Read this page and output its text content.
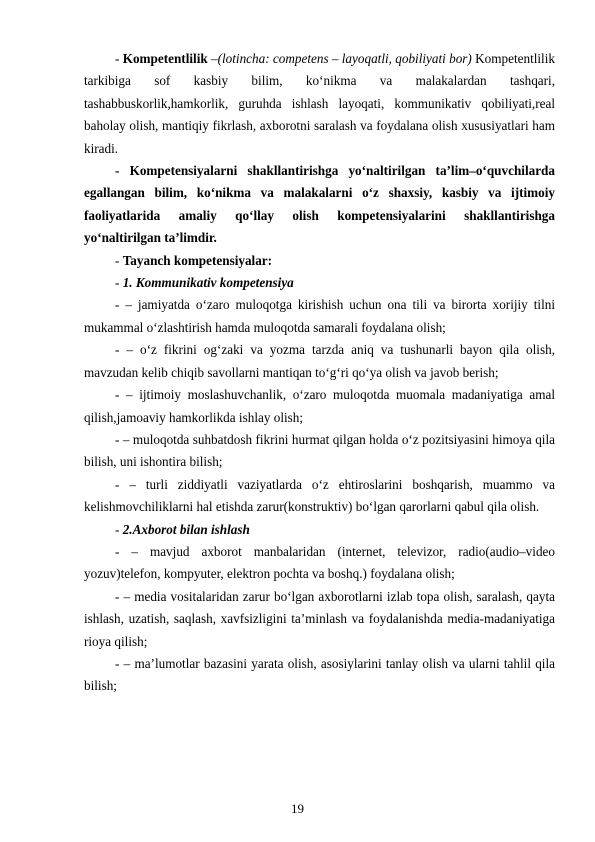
- Kompetentlilik –(lotincha: competens – layoqatli, qobiliyati bor) Kompetentlilik tarkibiga sof kasbiy bilim, ko‘nikma va malakalardan tashqari, tashabbuskorlik,hamkorlik, guruhda ishlash layoqati, kommunikativ qobiliyati,real baholay olish, mantiqiy fikrlash, axborotni saralash va foydalana olish xususiyatlari ham kiradi.

- Kompetensiyalarni shakllantirishga yo‘naltirilgan ta’lim–o‘quvchilarda egallangan bilim, ko‘nikma va malakalarni o‘z shaxsiy, kasbiy va ijtimoiy faoliyatlarida amaliy qo‘llay olish kompetensiyalarini shakllantirishga yo‘naltirilgan ta’limdir.

- Tayanch kompetensiyalar:

- 1. Kommunikativ kompetensiya

- – jamiyatda o‘zaro muloqotga kirishish uchun ona tili va birorta xorijiy tilni mukammal o‘zlashtirish hamda muloqotda samarali foydalana olish;

- – o‘z fikrini og‘zaki va yozma tarzda aniq va tushunarli bayon qila olish, mavzudan kelib chiqib savollarni mantiqan to‘g‘ri qo‘ya olish va javob berish;

- – ijtimoiy moslashuvchanlik, o‘zaro muloqotda muomala madaniyatiga amal qilish,jamoaviy hamkorlikda ishlay olish;

- – muloqotda suhbatdosh fikrini hurmat qilgan holda o‘z pozitsiyasini himoya qila bilish, uni ishontira bilish;

- – turli ziddiyatli vaziyatlarda o‘z ehtiroslarini boshqarish, muammo va kelishmovchiliklarni hal etishda zarur(konstruktiv) bo‘lgan qarorlarni qabul qila olish.

- 2.Axborot bilan ishlash

- – mavjud axborot manbalaridan (internet, televizor, radio(audio–video yozuv)telefon, kompyuter, elektron pochta va boshq.) foydalana olish;

- – media vositalaridan zarur bo‘lgan axborotlarni izlab topa olish, saralash, qayta ishlash, uzatish, saqlash, xavfsizligini ta’minlash va foydalanishda media-madaniyatiga rioya qilish;

- – ma’lumotlar bazasini yarata olish, asosiylarini tanlay olish va ularni tahlil qila bilish;

19
